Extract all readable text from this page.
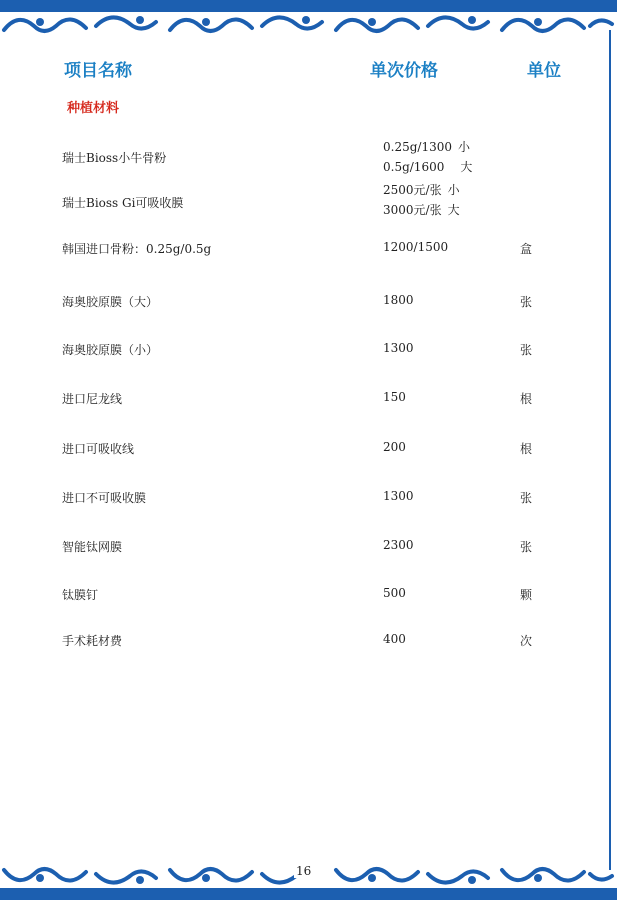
项目名称	单次价格	单位
种植材料
瑞士Bioss小牛骨粉
0.25g/1300 小
0.5g/1600 大
瑞士Bioss Gi可吸收膜
2500元/张 小
3000元/张 大
韩国进口骨粉：0.25g/0.5g	1200/1500	盒
海奥胶原膜（大）	1800	张
海奥胶原膜（小）	1300	张
进口尼龙线	150	根
进口可吸收线	200	根
进口不可吸收膜	1300	张
智能钛网膜	2300	张
钛膜钉	500	颗
手术耗材费	400	次
16
